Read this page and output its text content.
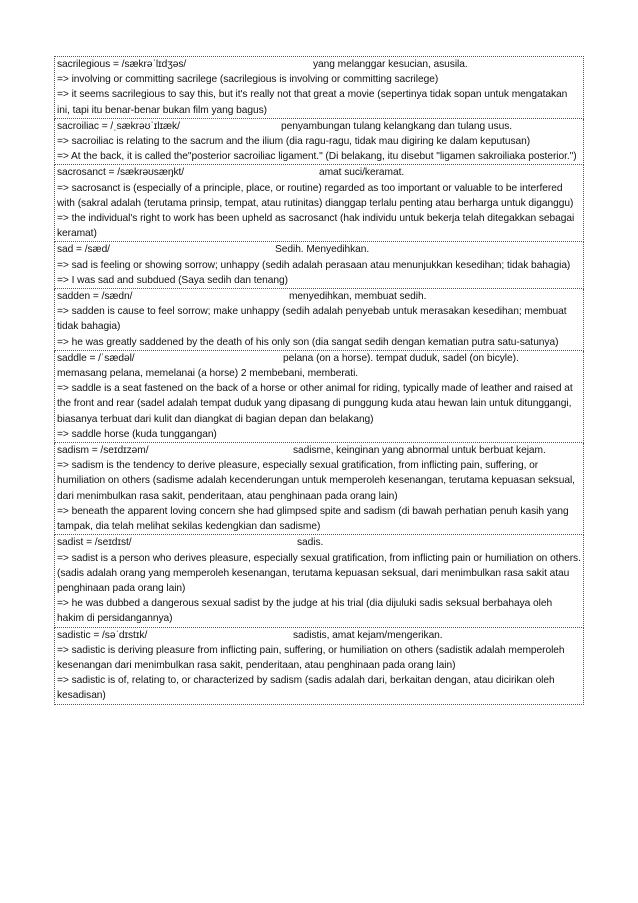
sacrilegious = /sækrəˈlɪdʒəs/	yang melanggar kesucian, asusila.
=> involving or committing sacrilege (sacrilegious is involving or committing sacrilege)
=> it seems sacrilegious to say this, but it's really not that great a movie (sepertinya tidak sopan untuk mengatakan ini, tapi itu benar-benar bukan film yang bagus)
sacroiliac = /ˌsækrəʊˈɪlɪæk/	penyambungan tulang kelangkang dan tulang usus.
=> sacroiliac is relating to the sacrum and the ilium (dia ragu-ragu, tidak mau digiring ke dalam keputusan)
=> At the back, it is called the"posterior sacroiliac ligament." (Di belakang, itu disebut "ligamen sakroiliaka posterior.")
sacrosanct = /sækrəʊsæŋkt/	amat suci/keramat.
=> sacrosanct is (especially of a principle, place, or routine) regarded as too important or valuable to be interfered with (sakral adalah (terutama prinsip, tempat, atau rutinitas) dianggap terlalu penting atau berharga untuk diganggu)
=> the individual's right to work has been upheld as sacrosanct (hak individu untuk bekerja telah ditegakkan sebagai keramat)
sad = /sæd/	Sedih. Menyedihkan.
=> sad is feeling or showing sorrow; unhappy (sedih adalah perasaan atau menunjukkan kesedihan; tidak bahagia)
=> I was sad and subdued (Saya sedih dan tenang)
sadden = /sædn/	menyedihkan, membuat sedih.
=> sadden is cause to feel sorrow; make unhappy (sedih adalah penyebab untuk merasakan kesedihan; membuat tidak bahagia)
=> he was greatly saddened by the death of his only son (dia sangat sedih dengan kematian putra satu-satunya)
saddle = /ˈsædəl/	pelana (on a horse). tempat duduk, sadel (on bicyle).
memasang pelana, memelanai (a horse) 2 membebani, memberati.
=> saddle is a seat fastened on the back of a horse or other animal for riding, typically made of leather and raised at the front and rear (sadel adalah tempat duduk yang dipasang di punggung kuda atau hewan lain untuk ditunggangi, biasanya terbuat dari kulit dan diangkat di bagian depan dan belakang)
=> saddle horse (kuda tunggangan)
sadism = /seɪdɪzəm/	sadisme, keinginan yang abnormal untuk berbuat kejam.
=> sadism is the tendency to derive pleasure, especially sexual gratification, from inflicting pain, suffering, or humiliation on others (sadisme adalah kecenderungan untuk memperoleh kesenangan, terutama kepuasan seksual, dari menimbulkan rasa sakit, penderitaan, atau penghinaan pada orang lain)
=> beneath the apparent loving concern she had glimpsed spite and sadism (di bawah perhatian penuh kasih yang tampak, dia telah melihat sekilas kedengkian dan sadisme)
sadist = /seɪdɪst/	sadis.
=> sadist is a person who derives pleasure, especially sexual gratification, from inflicting pain or humiliation on others. (sadis adalah orang yang memperoleh kesenangan, terutama kepuasan seksual, dari menimbulkan rasa sakit atau penghinaan pada orang lain)
=> he was dubbed a dangerous sexual sadist by the judge at his trial (dia dijuluki sadis seksual berbahaya oleh hakim di persidangannya)
sadistic = /səˈdɪstɪk/	sadistis, amat kejam/mengerikan.
=> sadistic is deriving pleasure from inflicting pain, suffering, or humiliation on others (sadistik adalah memperoleh kesenangan dari menimbulkan rasa sakit, penderitaan, atau penghinaan pada orang lain)
=> sadistic is of, relating to, or characterized by sadism (sadis adalah dari, berkaitan dengan, atau dicirikan oleh kesadisan)
